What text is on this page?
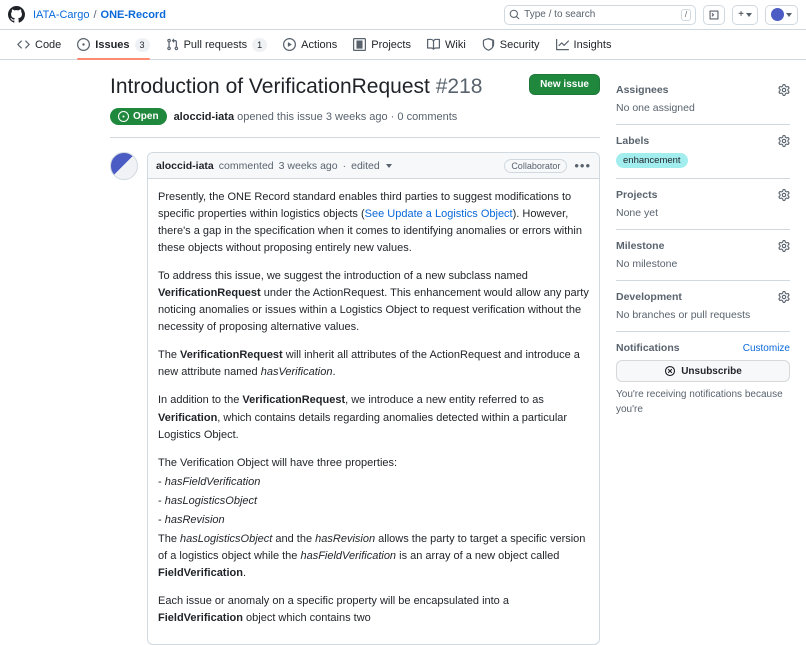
IATA-Cargo / ONE-Record	Type / to search	/	+
Code	Issues	3	Pull requests	1	Actions	Projects	Wiki	Security	Insights
Introduction of VerificationRequest #218	New issue
Open aloccid-iata opened this issue 3 weeks ago · 0 comments
aloccid-iata commented 3 weeks ago · edited	Collaborator	•••

Presently, the ONE Record standard enables third parties to suggest modifications to specific properties within logistics objects (See Update a Logistics Object). However, there's a gap in the specification when it comes to identifying anomalies or errors within these objects without proposing entirely new values.

To address this issue, we suggest the introduction of a new subclass named VerificationRequest under the ActionRequest. This enhancement would allow any party noticing anomalies or issues within a Logistics Object to request verification without the necessity of proposing alternative values.

The VerificationRequest will inherit all attributes of the ActionRequest and introduce a new attribute named hasVerification.

In addition to the VerificationRequest, we introduce a new entity referred to as Verification, which contains details regarding anomalies detected within a particular Logistics Object.

The Verification Object will have three properties:

- hasFieldVerification

- hasLogisticsObject

- hasRevision

The hasLogisticsObject and the hasRevision allows the party to target a specific version of a logistics object while the hasFieldVerification is an array of a new object called FieldVerification.

Each issue or anomaly on a specific property will be encapsulated into a FieldVerification object which contains two

Assignees
No one assigned
Labels
enhancement
Projects
None yet
Milestone
No milestone
Development
No branches or pull requests
Notifications	Customize
Unsubscribe
You're receiving notifications because you're
